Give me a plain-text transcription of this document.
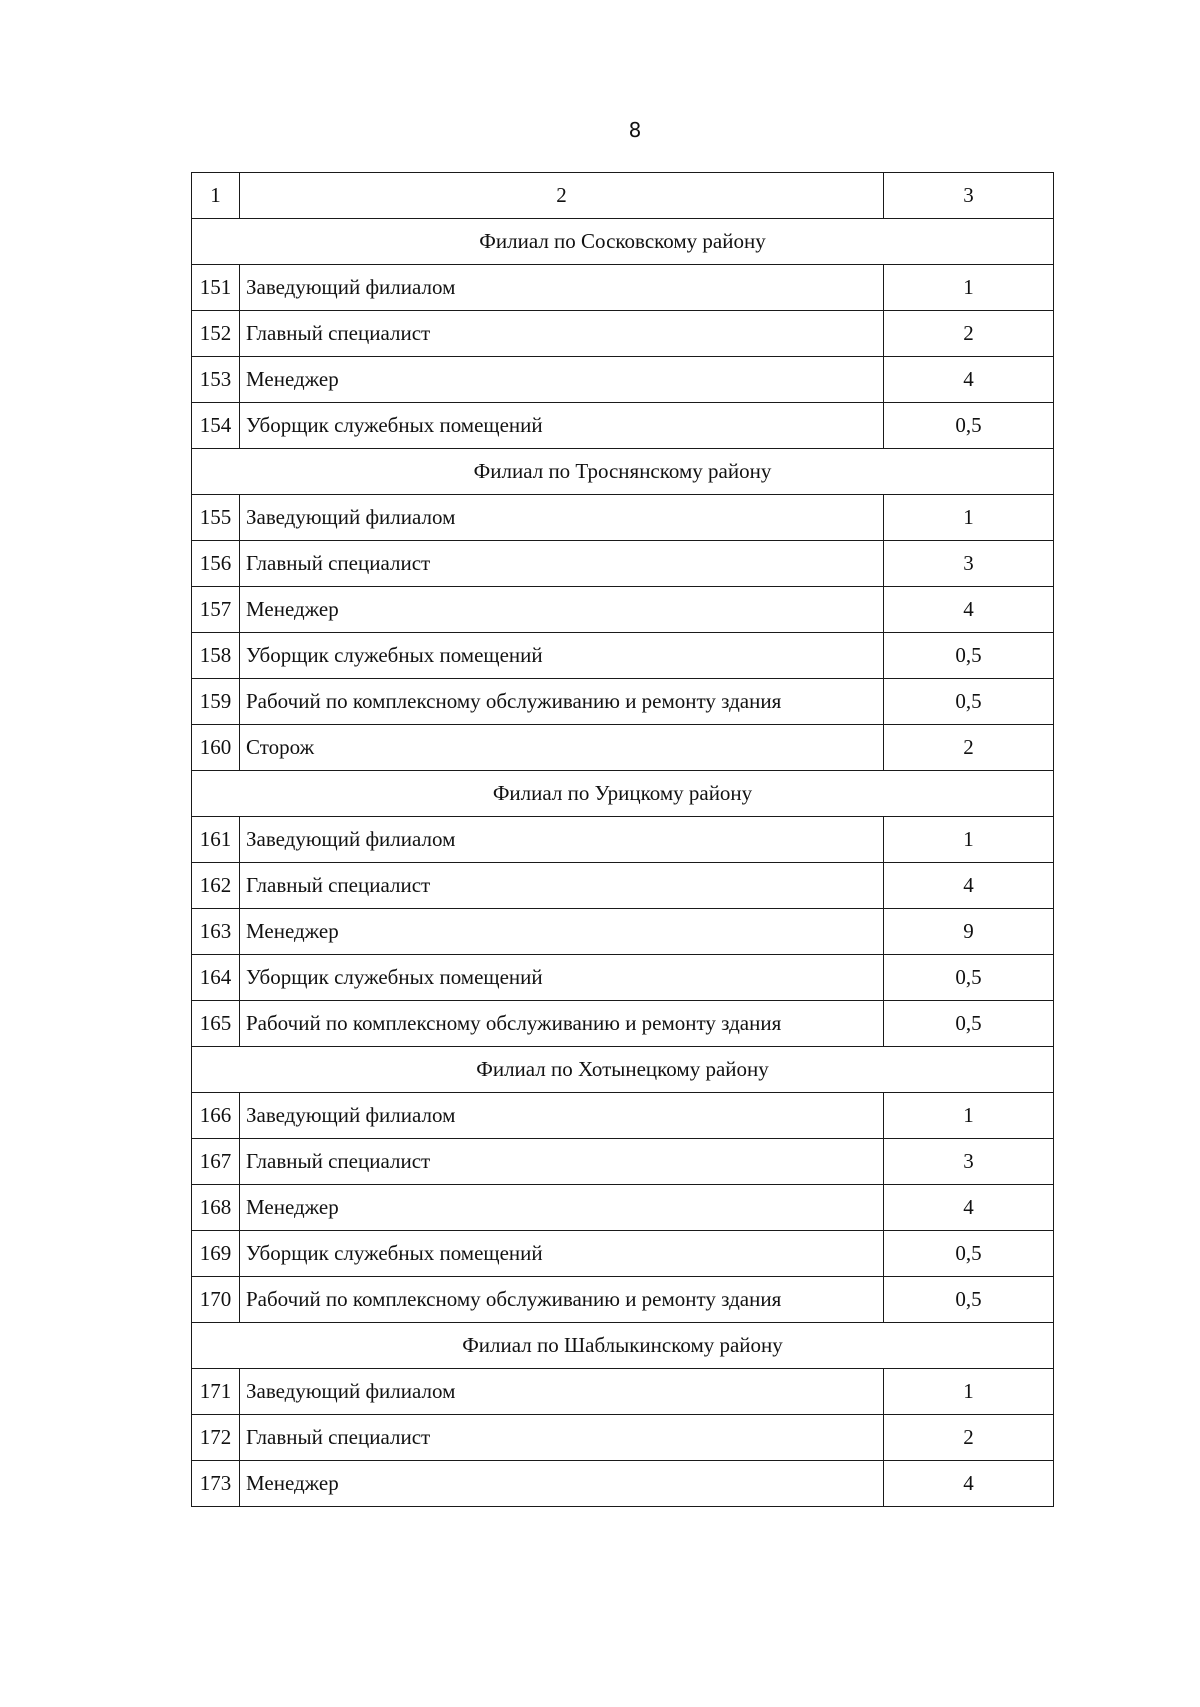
8
1	2	3
Филиал по Сосковскому району		
151	Заведующий филиалом	1
152	Главный специалист	2
153	Менеджер	4
154	Уборщик служебных помещений	0,5
Филиал по Троснянскому району		
155	Заведующий филиалом	1
156	Главный специалист	3
157	Менеджер	4
158	Уборщик служебных помещений	0,5
159	Рабочий по комплексному обслуживанию и ремонту здания	0,5
160	Сторож	2
Филиал по Урицкому району		
161	Заведующий филиалом	1
162	Главный специалист	4
163	Менеджер	9
164	Уборщик служебных помещений	0,5
165	Рабочий по комплексному обслуживанию и ремонту здания	0,5
Филиал по Хотынецкому району		
166	Заведующий филиалом	1
167	Главный специалист	3
168	Менеджер	4
169	Уборщик служебных помещений	0,5
170	Рабочий по комплексному обслуживанию и ремонту здания	0,5
Филиал по Шаблыкинскому району		
171	Заведующий филиалом	1
172	Главный специалист	2
173	Менеджер	4
